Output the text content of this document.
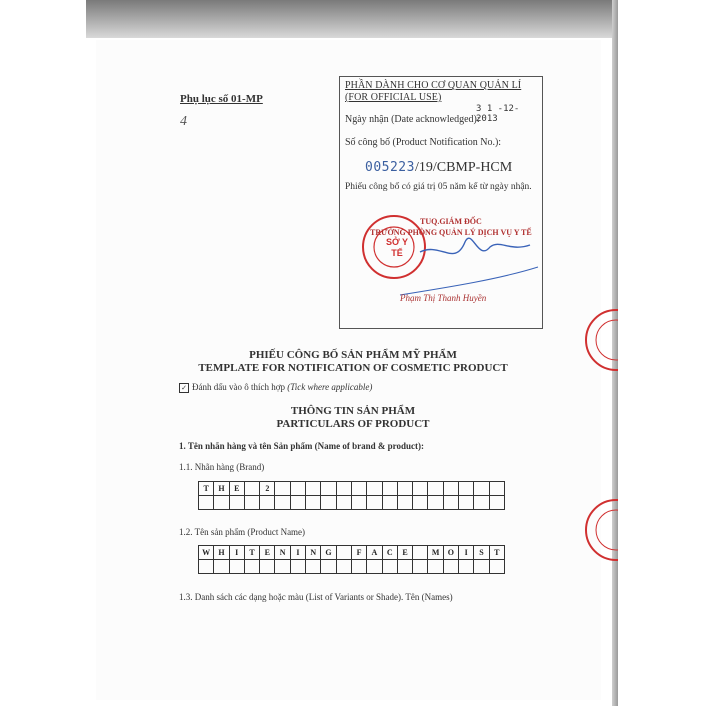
Phụ lục số 01-MP
4
PHẦN DÀNH CHO CƠ QUAN QUẢN LÍ
(FOR OFFICIAL USE)
3 1 -12- 2013
Ngày nhận (Date acknowledged):
Số công bố (Product Notification No.):
005223/19/CBMP-HCM
Phiếu công bố có giá trị 05 năm kể từ ngày nhận.
TUQ.GIÁM ĐỐC
TRƯỞNG PHÒNG QUẢN LÝ DỊCH VỤ Y TẾ
SỞ Y TẾ
Phạm Thị Thanh Huyền
PHIẾU CÔNG BỐ SẢN PHẨM MỸ PHẨM
TEMPLATE FOR NOTIFICATION OF COSMETIC PRODUCT
✓ Đánh dấu vào ô thích hợp (Tick where applicable)
THÔNG TIN SẢN PHẨM
PARTICULARS OF PRODUCT
1. Tên nhãn hàng và tên Sản phẩm (Name of brand & product):
1.1. Nhãn hàng (Brand)
T	H	E		2															

1.2. Tên sản phẩm (Product Name)
W	H	I	T	E	N	I	N	G		F	A	C	E		M	O	I	S	T

1.3. Danh sách các dạng hoặc màu (List of Variants or Shade). Tên (Names)
